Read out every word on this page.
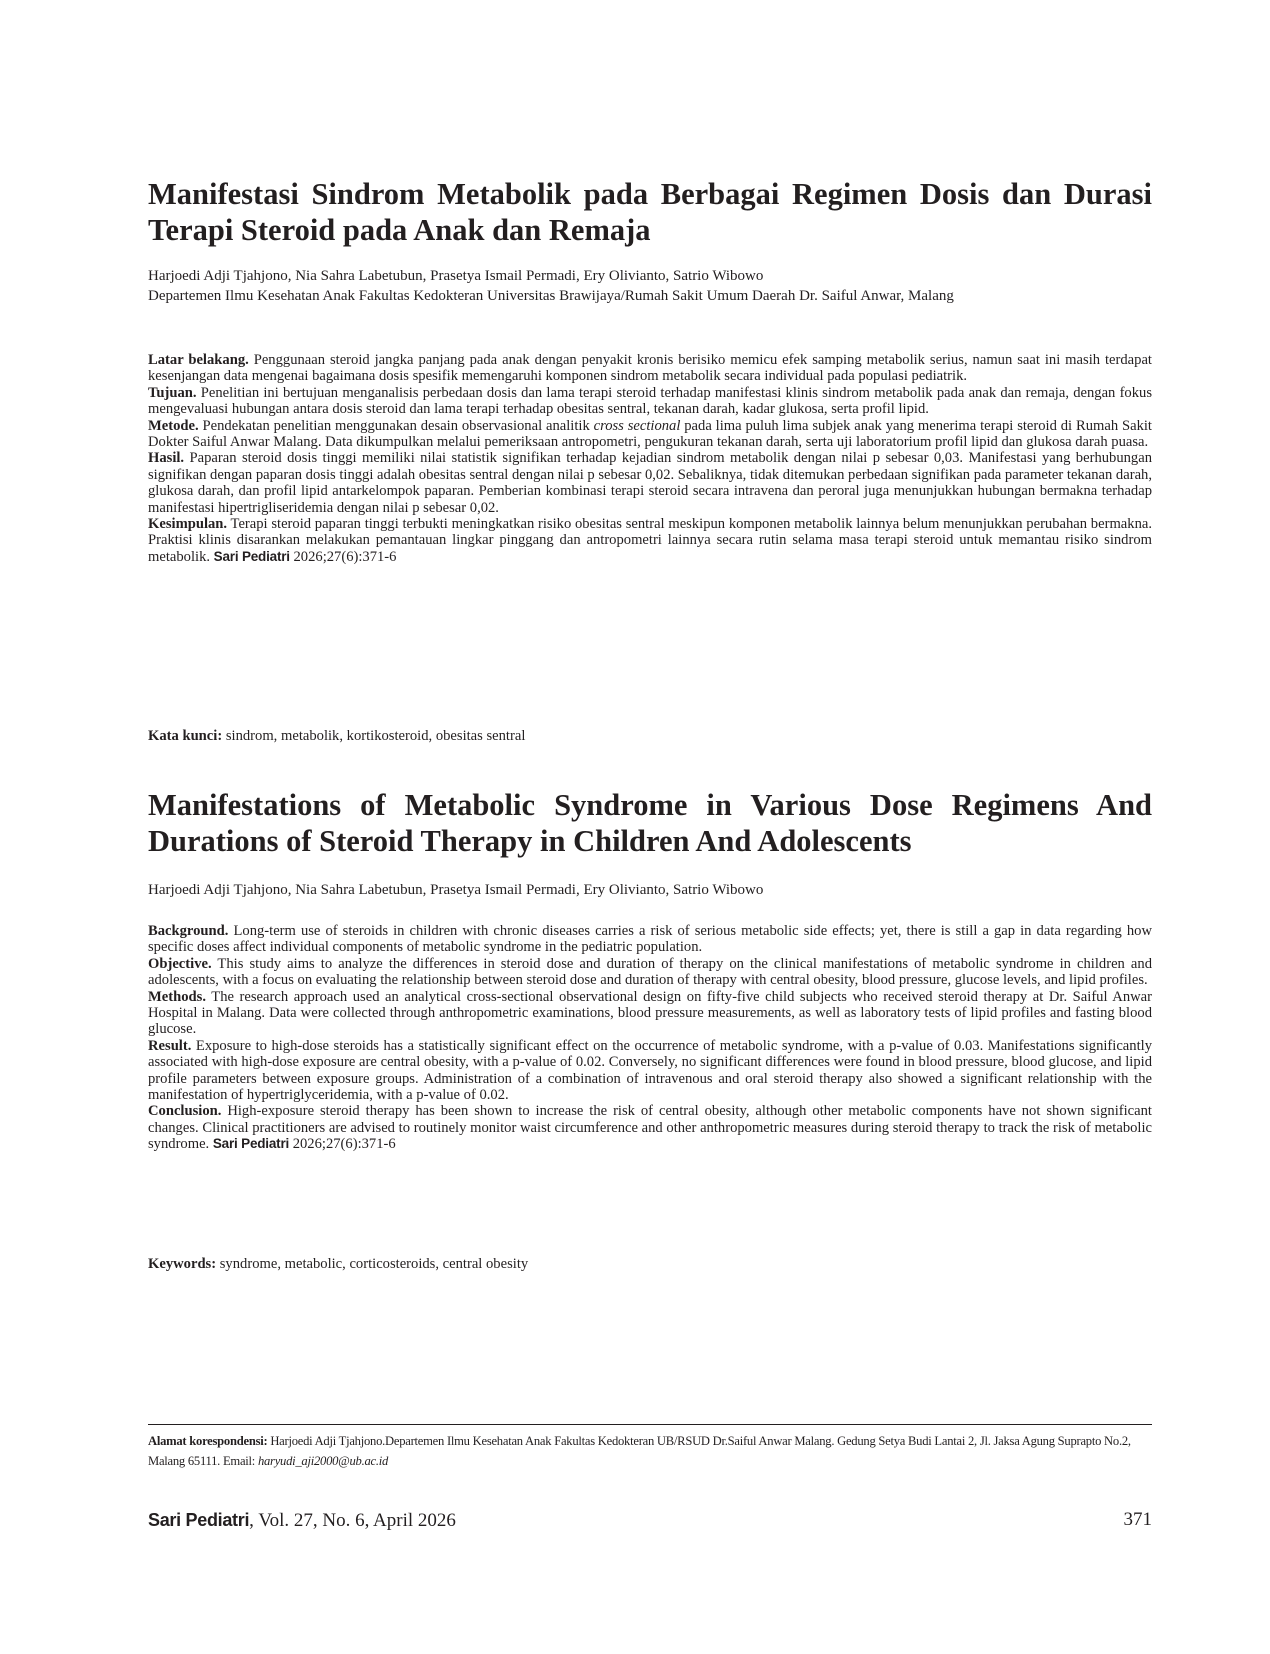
Manifestasi Sindrom Metabolik pada Berbagai Regimen Dosis dan Durasi Terapi Steroid pada Anak dan Remaja

Harjoedi Adji Tjahjono, Nia Sahra Labetubun, Prasetya Ismail Permadi, Ery Olivianto, Satrio Wibowo

Departemen Ilmu Kesehatan Anak Fakultas Kedokteran Universitas Brawijaya/Rumah Sakit Umum Daerah Dr. Saiful Anwar, Malang

Latar belakang. Penggunaan steroid jangka panjang pada anak dengan penyakit kronis berisiko memicu efek samping metabolik serius, namun saat ini masih terdapat kesenjangan data mengenai bagaimana dosis spesifik memengaruhi komponen sindrom metabolik secara individual pada populasi pediatrik.

Tujuan. Penelitian ini bertujuan menganalisis perbedaan dosis dan lama terapi steroid terhadap manifestasi klinis sindrom metabolik pada anak dan remaja, dengan fokus mengevaluasi hubungan antara dosis steroid dan lama terapi terhadap obesitas sentral, tekanan darah, kadar glukosa, serta profil lipid.

Metode. Pendekatan penelitian menggunakan desain observasional analitik cross sectional pada lima puluh lima subjek anak yang menerima terapi steroid di Rumah Sakit Dokter Saiful Anwar Malang. Data dikumpulkan melalui pemeriksaan antropometri, pengukuran tekanan darah, serta uji laboratorium profil lipid dan glukosa darah puasa.

Hasil. Paparan steroid dosis tinggi memiliki nilai statistik signifikan terhadap kejadian sindrom metabolik dengan nilai p sebesar 0,03. Manifestasi yang berhubungan signifikan dengan paparan dosis tinggi adalah obesitas sentral dengan nilai p sebesar 0,02. Sebaliknya, tidak ditemukan perbedaan signifikan pada parameter tekanan darah, glukosa darah, dan profil lipid antarkelompok paparan. Pemberian kombinasi terapi steroid secara intravena dan peroral juga menunjukkan hubungan bermakna terhadap manifestasi hipertrigliseridemia dengan nilai p sebesar 0,02.

Kesimpulan. Terapi steroid paparan tinggi terbukti meningkatkan risiko obesitas sentral meskipun komponen metabolik lainnya belum menunjukkan perubahan bermakna. Praktisi klinis disarankan melakukan pemantauan lingkar pinggang dan antropometri lainnya secara rutin selama masa terapi steroid untuk memantau risiko sindrom metabolik. Sari Pediatri 2026;27(6):371-6

Kata kunci: sindrom, metabolik, kortikosteroid, obesitas sentral

Manifestations of Metabolic Syndrome in Various Dose Regimens And Durations of Steroid Therapy in Children And Adolescents

Harjoedi Adji Tjahjono, Nia Sahra Labetubun, Prasetya Ismail Permadi, Ery Olivianto, Satrio Wibowo

Background. Long-term use of steroids in children with chronic diseases carries a risk of serious metabolic side effects; yet, there is still a gap in data regarding how specific doses affect individual components of metabolic syndrome in the pediatric population.

Objective. This study aims to analyze the differences in steroid dose and duration of therapy on the clinical manifestations of metabolic syndrome in children and adolescents, with a focus on evaluating the relationship between steroid dose and duration of therapy with central obesity, blood pressure, glucose levels, and lipid profiles.

Methods. The research approach used an analytical cross-sectional observational design on fifty-five child subjects who received steroid therapy at Dr. Saiful Anwar Hospital in Malang. Data were collected through anthropometric examinations, blood pressure measurements, as well as laboratory tests of lipid profiles and fasting blood glucose.

Result. Exposure to high-dose steroids has a statistically significant effect on the occurrence of metabolic syndrome, with a p-value of 0.03. Manifestations significantly associated with high-dose exposure are central obesity, with a p-value of 0.02. Conversely, no significant differences were found in blood pressure, blood glucose, and lipid profile parameters between exposure groups. Administration of a combination of intravenous and oral steroid therapy also showed a significant relationship with the manifestation of hypertriglyceridemia, with a p-value of 0.02.

Conclusion. High-exposure steroid therapy has been shown to increase the risk of central obesity, although other metabolic components have not shown significant changes. Clinical practitioners are advised to routinely monitor waist circumference and other anthropometric measures during steroid therapy to track the risk of metabolic syndrome. Sari Pediatri 2026;27(6):371-6

Keywords: syndrome, metabolic, corticosteroids, central obesity

Alamat korespondensi: Harjoedi Adji Tjahjono.Departemen Ilmu Kesehatan Anak Fakultas Kedokteran UB/RSUD Dr.Saiful Anwar Malang. Gedung Setya Budi Lantai 2, Jl. Jaksa Agung Suprapto No.2, Malang 65111. Email: haryudi_aji2000@ub.ac.id

Sari Pediatri, Vol. 27, No. 6, April 2026	371
